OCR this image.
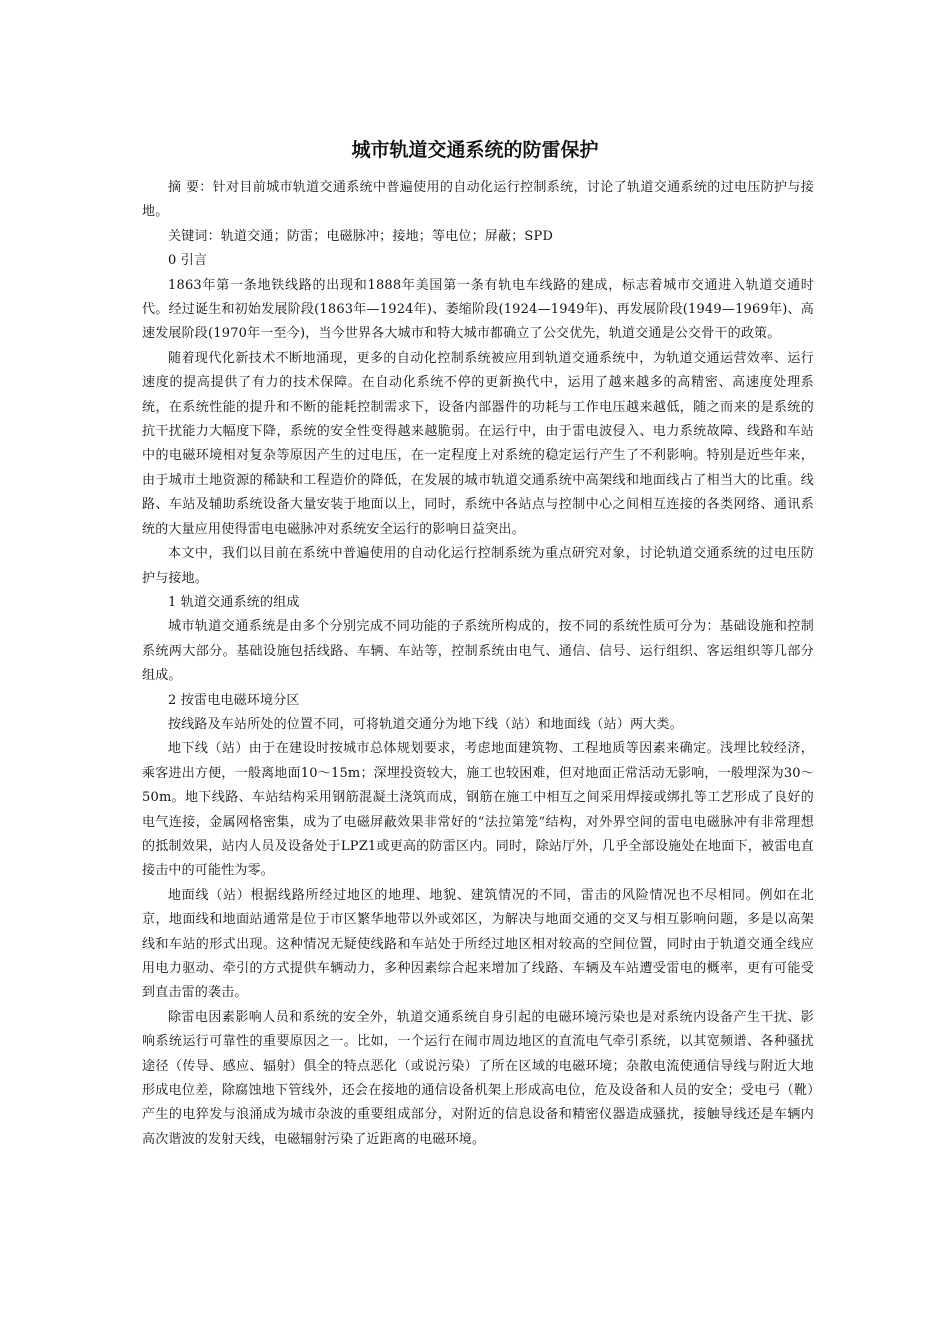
城市轨道交通系统的防雷保护

摘 要：针对目前城市轨道交通系统中普遍使用的自动化运行控制系统，讨论了轨道交通系统的过电压防护与接地。

关键词：轨道交通；防雷；电磁脉冲；接地；等电位；屏蔽；SPD

0 引言

1863年第一条地铁线路的出现和1888年美国第一条有轨电车线路的建成，标志着城市交通进入轨道交通时代。经过诞生和初始发展阶段(1863年—1924年)、萎缩阶段(1924—1949年)、再发展阶段(1949—1969年)、高速发展阶段(1970年一至今)，当今世界各大城市和特大城市都确立了公交优先，轨道交通是公交骨干的政策。

随着现代化新技术不断地涌现，更多的自动化控制系统被应用到轨道交通系统中，为轨道交通运营效率、运行速度的提高提供了有力的技术保障。在自动化系统不停的更新换代中，运用了越来越多的高精密、高速度处理系统，在系统性能的提升和不断的能耗控制需求下，设备内部器件的功耗与工作电压越来越低，随之而来的是系统的抗干扰能力大幅度下降，系统的安全性变得越来越脆弱。在运行中，由于雷电波侵入、电力系统故障、线路和车站中的电磁环境相对复杂等原因产生的过电压，在一定程度上对系统的稳定运行产生了不利影响。特别是近些年来，由于城市土地资源的稀缺和工程造价的降低，在发展的城市轨道交通系统中高架线和地面线占了相当大的比重。线路、车站及辅助系统设备大量安装于地面以上，同时，系统中各站点与控制中心之间相互连接的各类网络、通讯系统的大量应用使得雷电电磁脉冲对系统安全运行的影响日益突出。

本文中，我们以目前在系统中普遍使用的自动化运行控制系统为重点研究对象，讨论轨道交通系统的过电压防护与接地。

1 轨道交通系统的组成

城市轨道交通系统是由多个分别完成不同功能的子系统所构成的，按不同的系统性质可分为：基础设施和控制系统两大部分。基础设施包括线路、车辆、车站等，控制系统由电气、通信、信号、运行组织、客运组织等几部分组成。

2 按雷电电磁环境分区

按线路及车站所处的位置不同，可将轨道交通分为地下线（站）和地面线（站）两大类。

地下线（站）由于在建设时按城市总体规划要求，考虑地面建筑物、工程地质等因素来确定。浅埋比较经济，乘客进出方便，一般离地面10～15m；深埋投资较大，施工也较困难，但对地面正常活动无影响，一般埋深为30～50m。地下线路、车站结构采用钢筋混凝土浇筑而成，钢筋在施工中相互之间采用焊接或绑扎等工艺形成了良好的电气连接，金属网格密集，成为了电磁屏蔽效果非常好的“法拉第笼”结构，对外界空间的雷电电磁脉冲有非常理想的抵制效果，站内人员及设备处于LPZ1或更高的防雷区内。同时，除站厅外，几乎全部设施处在地面下，被雷电直接击中的可能性为零。

地面线（站）根据线路所经过地区的地理、地貌、建筑情况的不同，雷击的风险情况也不尽相同。例如在北京，地面线和地面站通常是位于市区繁华地带以外或郊区，为解决与地面交通的交叉与相互影响问题，多是以高架线和车站的形式出现。这种情况无疑使线路和车站处于所经过地区相对较高的空间位置，同时由于轨道交通全线应用电力驱动、牵引的方式提供车辆动力，多种因素综合起来增加了线路、车辆及车站遭受雷电的概率，更有可能受到直击雷的袭击。

除雷电因素影响人员和系统的安全外，轨道交通系统自身引起的电磁环境污染也是对系统内设备产生干扰、影响系统运行可靠性的重要原因之一。比如，一个运行在闹市周边地区的直流电气牵引系统，以其宽频谱、各种骚扰途径（传导、感应、辐射）俱全的特点恶化（或说污染）了所在区域的电磁环境；杂散电流使通信导线与附近大地形成电位差，除腐蚀地下管线外，还会在接地的通信设备机架上形成高电位，危及设备和人员的安全；受电弓（靴）产生的电猝发与浪涌成为城市杂波的重要组成部分，对附近的信息设备和精密仪器造成骚扰，接触导线还是车辆内高次谐波的发射天线，电磁辐射污染了近距离的电磁环境。
